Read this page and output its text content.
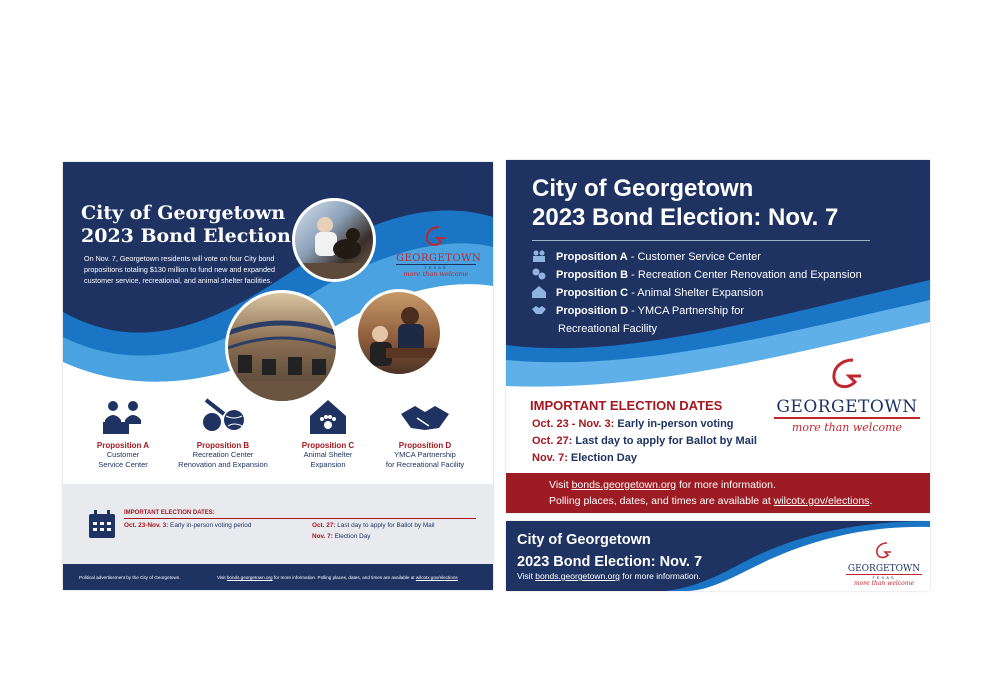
City of Georgetown
2023 Bond Election
On Nov. 7, Georgetown residents will vote on four City bond propositions totaling $130 million to fund new and expanded customer service, recreational, and animal shelter facilities.
GEORGETOWN
TEXAS
more than welcome
Proposition A
Customer
Service Center
Proposition B
Recreation Center
Renovation and Expansion
Proposition C
Animal Shelter
Expansion
Proposition D
YMCA Partnership
for Recreational Facility
IMPORTANT ELECTION DATES:
Oct. 23-Nov. 3: Early in-person voting period	Oct. 27: Last day to apply for Ballot by Mail
Nov. 7: Election Day
Political advertisement by the City of Georgetown.	Visit bonds.georgetown.org for more information. Polling places, dates, and times are available at wilcotx.gov/elections
City of Georgetown
2023 Bond Election: Nov. 7
Proposition A - Customer Service Center
Proposition B - Recreation Center Renovation and Expansion
Proposition C - Animal Shelter Expansion
Proposition D - YMCA Partnership for
Recreational Facility
IMPORTANT ELECTION DATES
Oct. 23 - Nov. 3: Early in-person voting
Oct. 27: Last day to apply for Ballot by Mail
Nov. 7: Election Day
GEORGETOWN
more than welcome
Visit bonds.georgetown.org for more information.
Polling places, dates, and times are available at wilcotx.gov/elections.
City of Georgetown
2023 Bond Election: Nov. 7
Visit bonds.georgetown.org for more information.
GEORGETOWN
TEXAS
more than welcome
